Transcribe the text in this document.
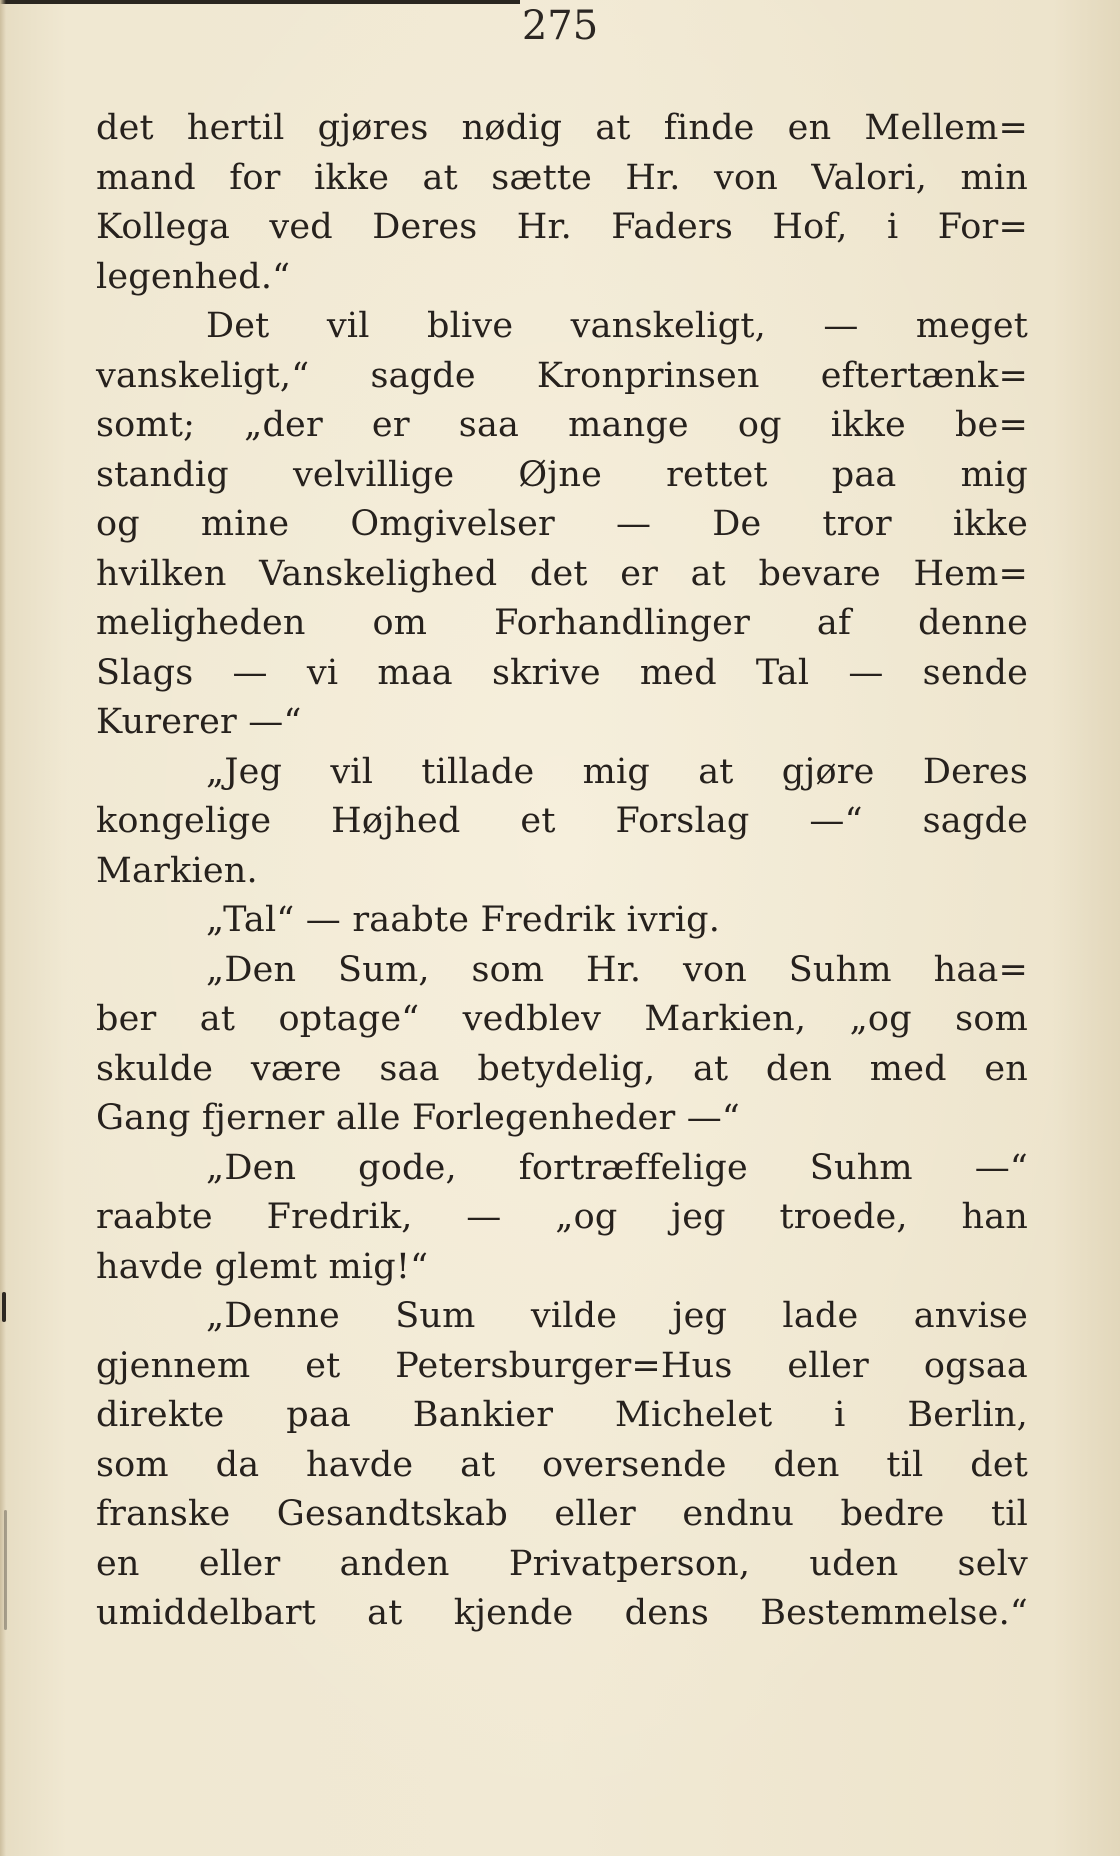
275
det hertil gjøres nødig at finde en Mellem=
mand for ikke at sætte Hr. von Valori, min
Kollega ved Deres Hr. Faders Hof, i For=
legenhed.“
Det vil blive vanskeligt, — meget
vanskeligt,“ sagde Kronprinsen eftertænk=
somt; „der er saa mange og ikke be=
standig velvillige Øjne rettet paa mig
og mine Omgivelser — De tror ikke
hvilken Vanskelighed det er at bevare Hem=
meligheden om Forhandlinger af denne
Slags — vi maa skrive med Tal — sende
Kurerer —“
„Jeg vil tillade mig at gjøre Deres
kongelige Højhed et Forslag —“ sagde
Markien.
„Tal“ — raabte Fredrik ivrig.
„Den Sum, som Hr. von Suhm haa=
ber at optage“ vedblev Markien, „og som
skulde være saa betydelig, at den med en
Gang fjerner alle Forlegenheder —“
„Den gode, fortræffelige Suhm —“
raabte Fredrik, — „og jeg troede, han
havde glemt mig!“
„Denne Sum vilde jeg lade anvise
gjennem et Petersburger=Hus eller ogsaa
direkte paa Bankier Michelet i Berlin,
som da havde at oversende den til det
franske Gesandtskab eller endnu bedre til
en eller anden Privatperson, uden selv
umiddelbart at kjende dens Bestemmelse.“
